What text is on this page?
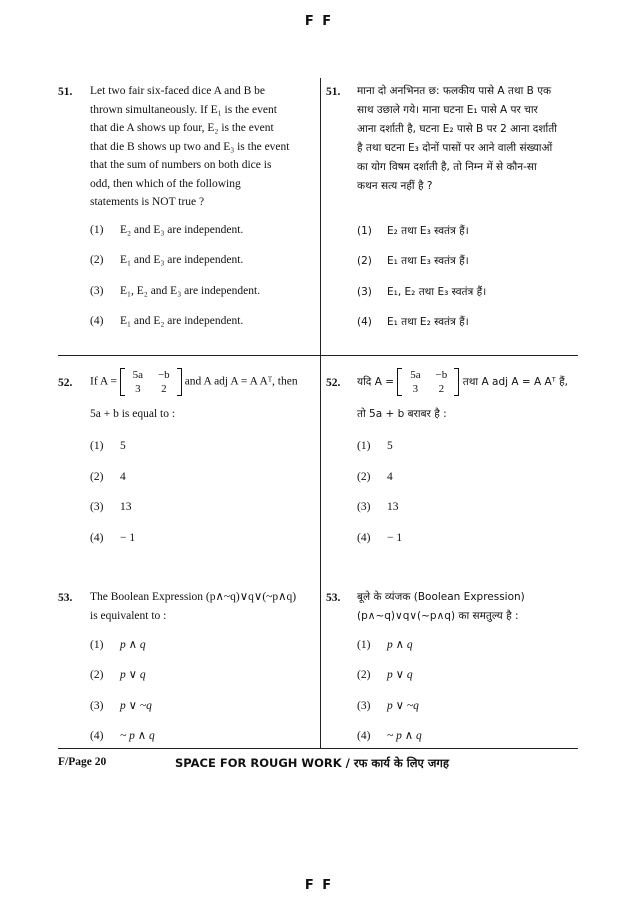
F F
51. Let two fair six-faced dice A and B be
thrown simultaneously. If E₁ is the event
that die A shows up four, E₂ is the event
that die B shows up two and E₃ is the event
that the sum of numbers on both dice is
odd, then which of the following
statements is NOT true ?
(1) E₂ and E₃ are independent.
(2) E₁ and E₃ are independent.
(3) E₁, E₂ and E₃ are independent.
(4) E₁ and E₂ are independent.
51. माना दो अनभिनत छ: फलकीय पासे A तथा B एक
साथ उछाले गये। माना घटना E₁ पासे A पर चार
आना दर्शाती है, घटना E₂ पासे B पर 2 आना दर्शाती
है तथा घटना E₃ दोनों पासों पर आने वाली संख्याओं
का योग विषम दर्शाती है, तो निम्न में से कौन-सा
कथन सत्य नहीं है ?
(1) E₂ तथा E₃ स्वतंत्र हैं।
(2) E₁ तथा E₃ स्वतंत्र हैं।
(3) E₁, E₂ तथा E₃ स्वतंत्र हैं।
(4) E₁ तथा E₂ स्वतंत्र हैं।
52. If A =
5a −b
3 2
and A adj A = A Aᵀ, then
5a + b is equal to :
(1) 5
(2) 4
(3) 13
(4) − 1
52. यदि A =
5a −b
3 2
तथा A adj A = A Aᵀ हैं,
तो 5a + b बराबर है :
(1) 5
(2) 4
(3) 13
(4) − 1
53. The Boolean Expression (p∧~q)∨q∨(~p∧q)
is equivalent to :
(1) p ∧ q
(2) p ∨ q
(3) p ∨ ~q
(4) ~ p ∧ q
53. बूले के व्यंजक (Boolean Expression)
(p∧~q)∨q∨(~p∧q) का समतुल्य है :
(1) p ∧ q
(2) p ∨ q
(3) p ∨ ~q
(4) ~ p ∧ q
F/Page 20	SPACE FOR ROUGH WORK / रफ कार्य के लिए जगह
F F
